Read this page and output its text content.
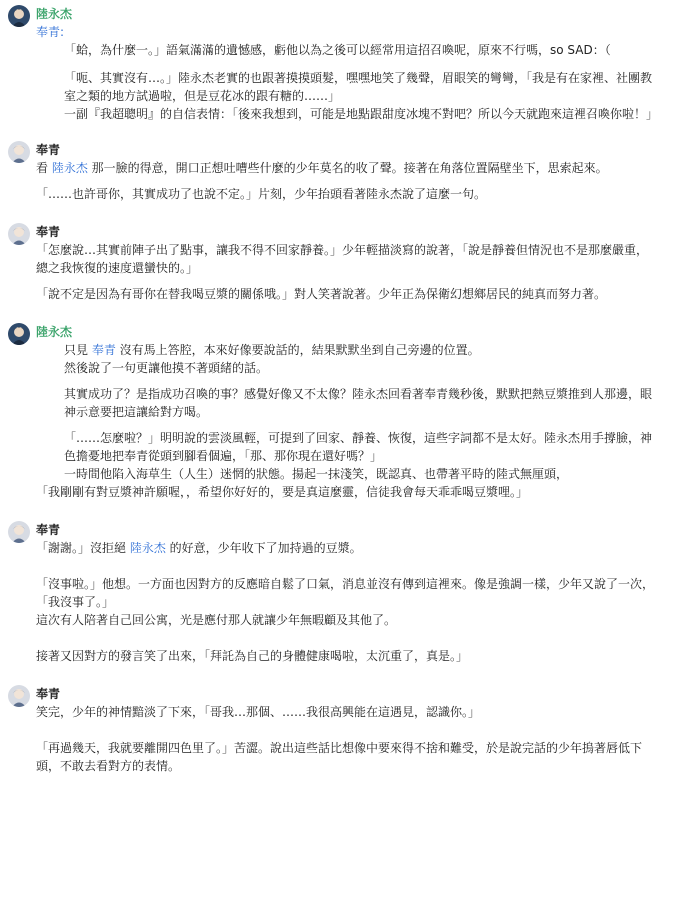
陸永杰

奉青:

「蛤，為什麼一。」語氣滿滿的遺憾感，虧他以為之後可以經常用這招召喚呢，原來不行嗎，so SAD：（

「呃、其實沒有…。」陸永杰老實的也跟著摸摸頭髮，嘿嘿地笑了幾聲，眉眼笑的彎彎，「我是有在家裡、社團教室之類的地方試過啦，但是豆花冰的跟有糖的……」

一副『我超聰明』的自信表情：「後來我想到，可能是地點跟甜度冰塊不對吧？所以今天就跑來這裡召喚你啦！」

奉青

看 陸永杰 那一臉的得意，開口正想吐嘈些什麼的少年莫名的收了聲。接著在角落位置隔壁坐下，思索起來。

「……也許哥你，其實成功了也說不定。」片刻，少年抬頭看著陸永杰說了這麼一句。

奉青

「怎麼說…其實前陣子出了點事，讓我不得不回家靜養。」少年輕描淡寫的說著，「說是靜養但情況也不是那麼嚴重，總之我恢復的速度還蠻快的。」

「說不定是因為有哥你在替我喝豆漿的關係哦。」對人笑著說著。少年正為保衛幻想鄉居民的純真而努力著。

陸永杰

只見 奉青 沒有馬上答腔，本來好像要說話的，結果默默坐到自己旁邊的位置。

然後說了一句更讓他摸不著頭緒的話。

其實成功了？是指成功召喚的事？感覺好像又不太像？陸永杰回看著奉青幾秒後，默默把熱豆漿推到人那邊，眼神示意要把這讓給對方喝。

「……怎麼啦？」明明說的雲淡風輕，可提到了回家、靜養、恢復，這些字詞都不是太好。陸永杰用手撐臉，神色擔憂地把奉青從頭到腳看個遍，「那、那你現在還好嗎？」

一時間他陷入海草生（人生）迷惘的狀態。揚起一抹淺笑，既認真、也帶著平時的陸式無厘頭，

「我剛剛有對豆漿神許願喔，，希望你好好的，要是真這麼靈，信徒我會每天乖乖喝豆漿哩。」

奉青

「謝謝。」沒拒絕 陸永杰 的好意，少年收下了加持過的豆漿。

「沒事啦。」他想。一方面也因對方的反應暗自鬆了口氣，消息並沒有傳到這裡來。像是強調一樣，少年又說了一次，「我沒事了。」

這次有人陪著自己回公寓，光是應付那人就讓少年無暇顧及其他了。

接著又因對方的發言笑了出來，「拜託為自己的身體健康喝啦，太沉重了，真是。」

奉青

笑完，少年的神情黯淡了下來，「哥我…那個、……我很高興能在這遇見，認識你。」

「再過幾天，我就要離開四色里了。」苦澀。說出這些話比想像中要來得不捨和難受，於是說完話的少年摀著唇低下頭，不敢去看對方的表情。
